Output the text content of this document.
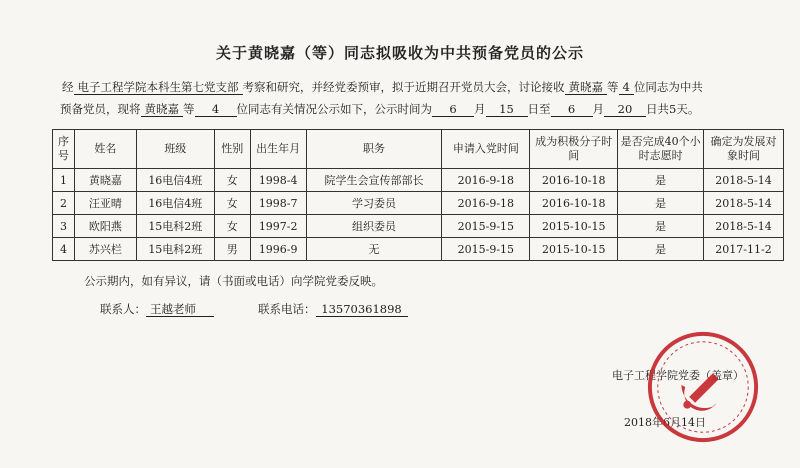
关于黄晓嘉（等）同志拟吸收为中共预备党员的公示
经 电子工程学院本科生第七党支部 考察和研究，并经党委预审，拟于近期召开党员大会，讨论接收 黄晓嘉 等 4 位同志为中共
预备党员，现将 黄晓嘉 等 4 位同志有关情况公示如下，公示时间为 6 月 15 日至 6 月 20 日共5天。
序号	姓名	班级	性别	出生年月	职务	申请入党时间	成为积极分子时间	是否完成40个小时志愿时	确定为发展对象时间
1	黄晓嘉	16电信4班	女	1998-4	院学生会宣传部部长	2016-9-18	2016-10-18	是	2018-5-14
2	汪亚晴	16电信4班	女	1998-7	学习委员	2016-9-18	2016-10-18	是	2018-5-14
3	欧阳燕	15电科2班	女	1997-2	组织委员	2015-9-15	2015-10-15	是	2018-5-14
4	苏兴栏	15电科2班	男	1996-9	无	2015-9-15	2015-10-15	是	2017-11-2
公示期内，如有异议，请（书面或电话）向学院党委反映。
联系人： 王越老师	联系电话： 13570361898
电子工程学院党委（盖章）
2018年6月14日
